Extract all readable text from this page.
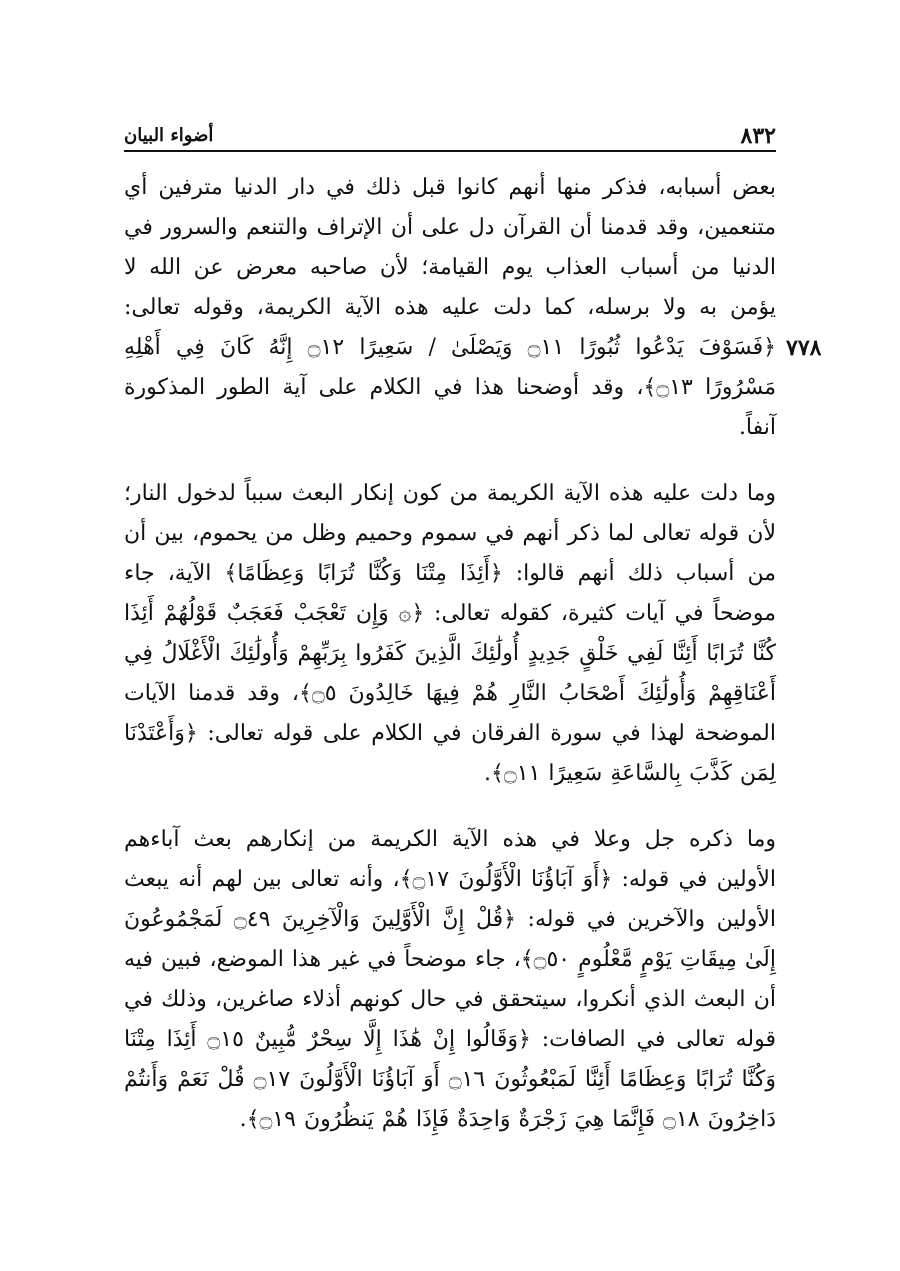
٨٣٢
أضواء البيان
٧٧٨

بعض أسبابه، فذكر منها أنهم كانوا قبل ذلك في دار الدنيا مترفين أي متنعمين، وقد قدمنا أن القرآن دل على أن الإتراف والتنعم والسرور في الدنيا من أسباب العذاب يوم القيامة؛ لأن صاحبه معرض عن الله لا يؤمن به ولا برسله، كما دلت عليه هذه الآية الكريمة، وقوله تعالى: ﴿فَسَوْفَ يَدْعُوا ثُبُورًا ۝١١ وَيَصْلَىٰ / سَعِيرًا ۝١٢ إِنَّهُ كَانَ فِي أَهْلِهِ مَسْرُورًا ۝١٣﴾، وقد أوضحنا هذا في الكلام على آية الطور المذكورة آنفاً.

وما دلت عليه هذه الآية الكريمة من كون إنكار البعث سبباً لدخول النار؛ لأن قوله تعالى لما ذكر أنهم في سموم وحميم وظل من يحموم، بين أن من أسباب ذلك أنهم قالوا: ﴿أَئِذَا مِتْنَا وَكُنَّا تُرَابًا وَعِظَامًا﴾ الآية، جاء موضحاً في آيات كثيرة، كقوله تعالى: ﴿۞ وَإِن تَعْجَبْ فَعَجَبٌ قَوْلُهُمْ أَئِذَا كُنَّا تُرَابًا أَئِنَّا لَفِي خَلْقٍ جَدِيدٍ أُولَٰئِكَ الَّذِينَ كَفَرُوا بِرَبِّهِمْ وَأُولَٰئِكَ الْأَغْلَالُ فِي أَعْنَاقِهِمْ وَأُولَٰئِكَ أَصْحَابُ النَّارِ هُمْ فِيهَا خَالِدُونَ ۝٥﴾، وقد قدمنا الآيات الموضحة لهذا في سورة الفرقان في الكلام على قوله تعالى: ﴿وَأَعْتَدْنَا لِمَن كَذَّبَ بِالسَّاعَةِ سَعِيرًا ۝١١﴾.

وما ذكره جل وعلا في هذه الآية الكريمة من إنكارهم بعث آباءهم الأولين في قوله: ﴿أَوَ آبَاؤُنَا الْأَوَّلُونَ ۝١٧﴾، وأنه تعالى بين لهم أنه يبعث الأولين والآخرين في قوله: ﴿قُلْ إِنَّ الْأَوَّلِينَ وَالْآخِرِينَ ۝٤٩ لَمَجْمُوعُونَ إِلَىٰ مِيقَاتِ يَوْمٍ مَّعْلُومٍ ۝٥٠﴾، جاء موضحاً في غير هذا الموضع، فبين فيه أن البعث الذي أنكروا، سيتحقق في حال كونهم أذلاء صاغرين، وذلك في قوله تعالى في الصافات: ﴿وَقَالُوا إِنْ هَٰذَا إِلَّا سِحْرٌ مُّبِينٌ ۝١٥ أَئِذَا مِتْنَا وَكُنَّا تُرَابًا وَعِظَامًا أَئِنَّا لَمَبْعُوثُونَ ۝١٦ أَوَ آبَاؤُنَا الْأَوَّلُونَ ۝١٧ قُلْ نَعَمْ وَأَنتُمْ دَاخِرُونَ ۝١٨ فَإِنَّمَا هِيَ زَجْرَةٌ وَاحِدَةٌ فَإِذَا هُمْ يَنظُرُونَ ۝١٩﴾.
